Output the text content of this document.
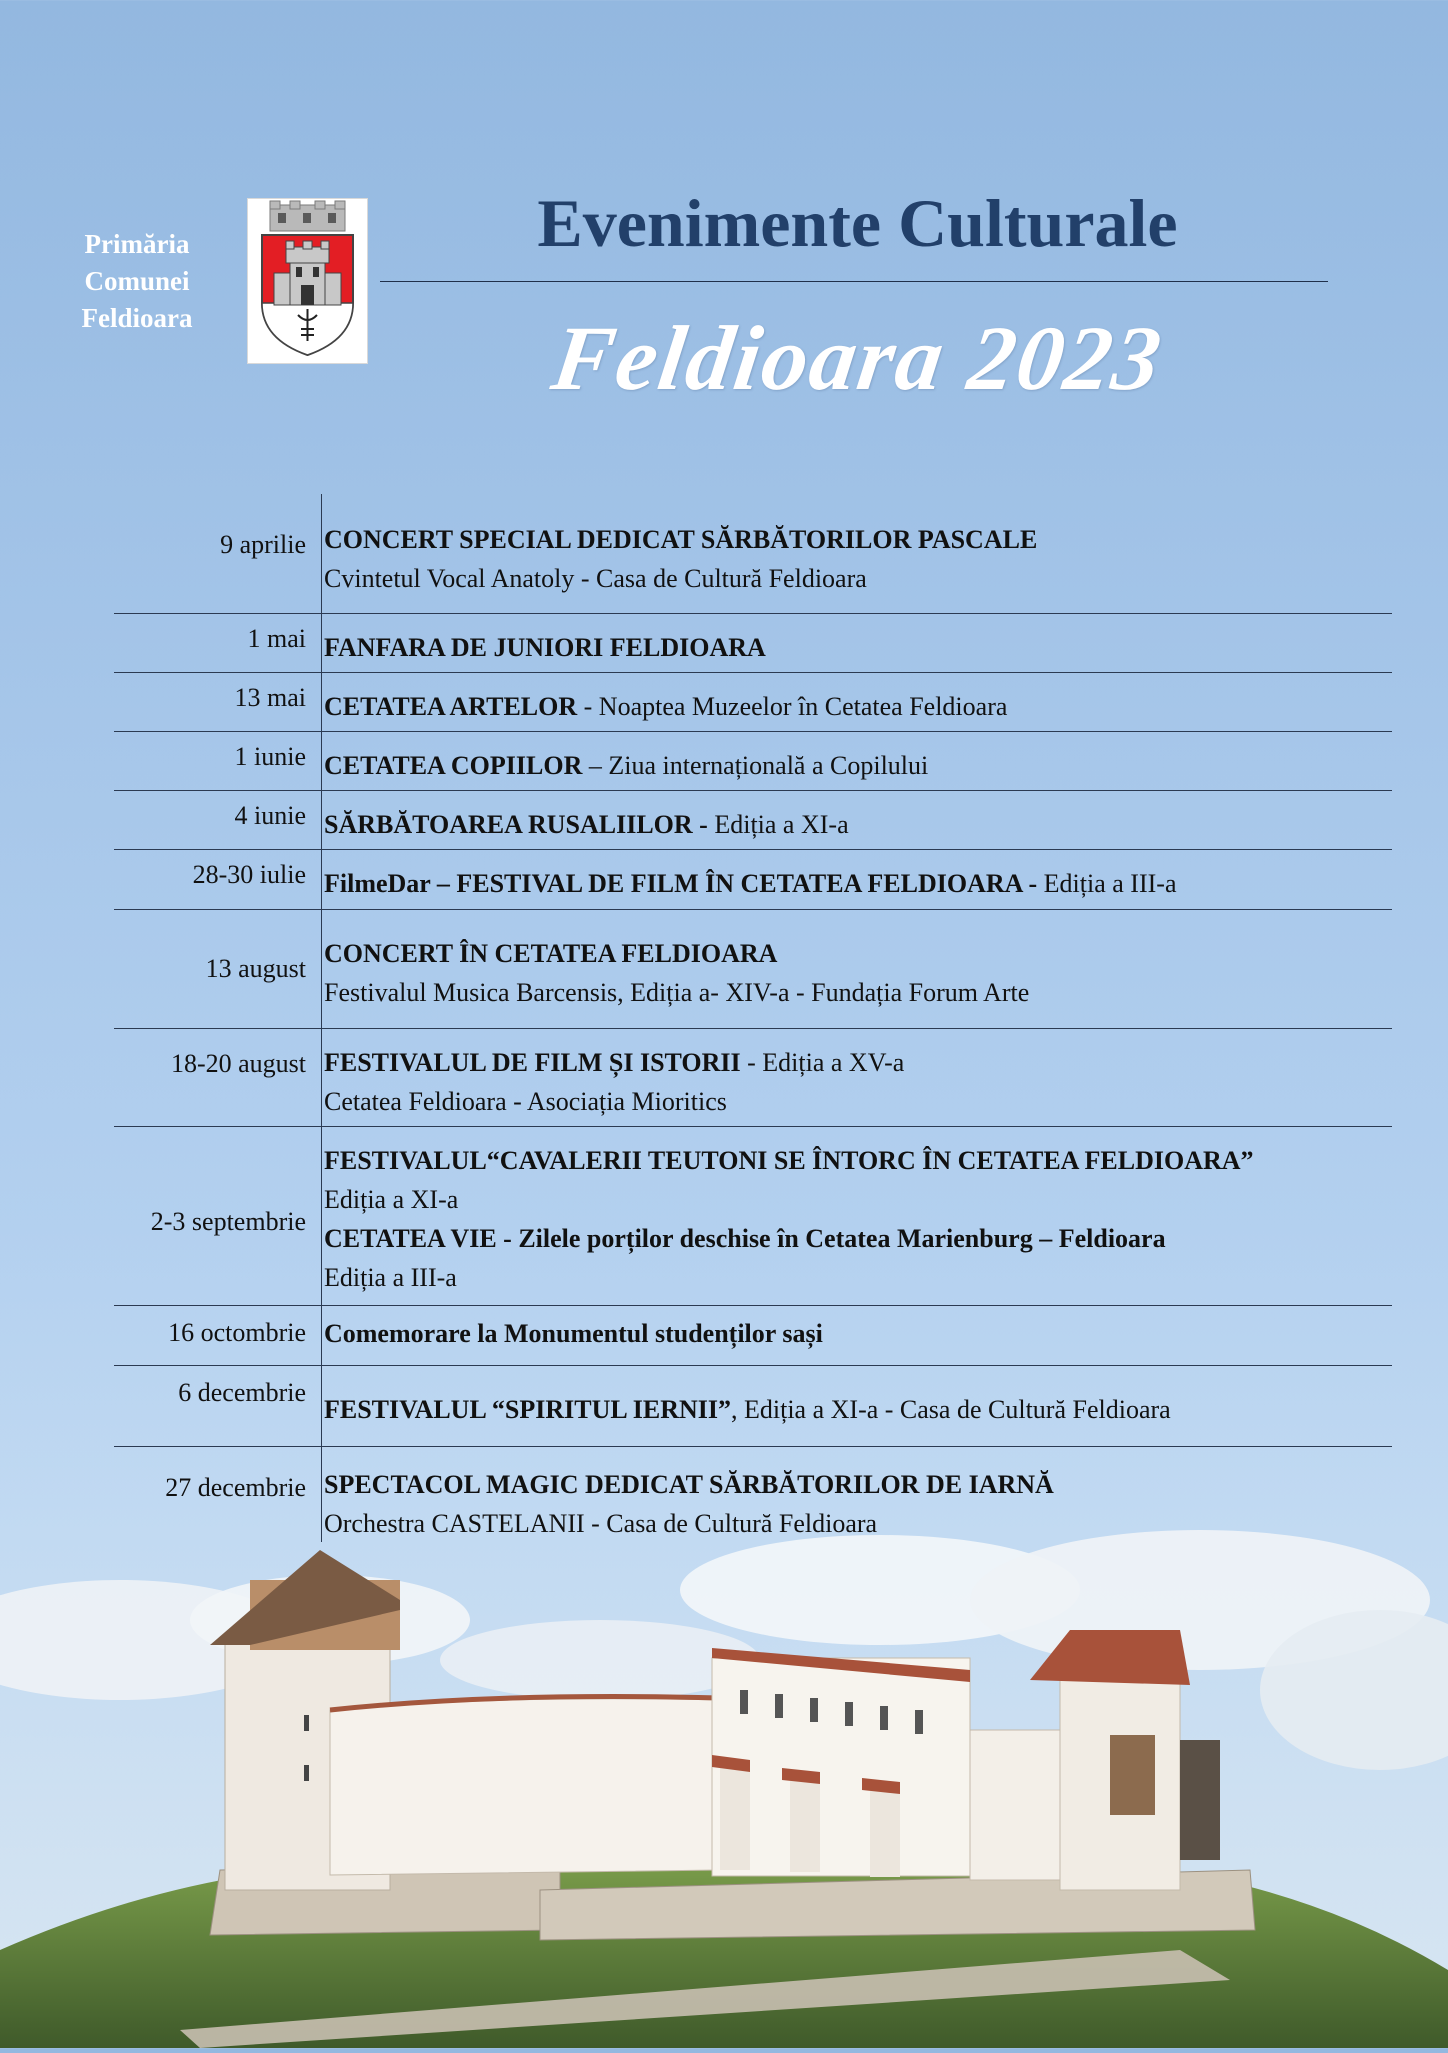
Primăria
Comunei
Feldioara
Evenimente Culturale
Feldioara 2023
9 aprilie CONCERT SPECIAL DEDICAT SĂRBĂTORILOR PASCALE
Cvintetul Vocal Anatoly - Casa de Cultură Feldioara
1 mai FANFARA DE JUNIORI FELDIOARA
13 mai CETATEA ARTELOR - Noaptea Muzeelor în Cetatea Feldioara
1 iunie CETATEA COPIILOR – Ziua internațională a Copilului
4 iunie SĂRBĂTOAREA RUSALIILOR - Ediția a XI-a
28-30 iulie FilmeDar – FESTIVAL DE FILM ÎN CETATEA FELDIOARA - Ediția a III-a
13 august
CONCERT ÎN CETATEA FELDIOARA
Festivalul Musica Barcensis, Ediția a- XIV-a - Fundația Forum Arte
18-20 august FESTIVALUL DE FILM ȘI ISTORII - Ediția a XV-a
Cetatea Feldioara - Asociația Mioritics
2-3 septembrie
FESTIVALUL“CAVALERII TEUTONI SE ÎNTORC ÎN CETATEA FELDIOARA”
Ediția a XI-a
CETATEA VIE - Zilele porților deschise în Cetatea Marienburg – Feldioara
Ediția a III-a
16 octombrie Comemorare la Monumentul studenților sași
6 decembrie
FESTIVALUL “SPIRITUL IERNII”, Ediția a XI-a - Casa de Cultură Feldioara
27 decembrie SPECTACOL MAGIC DEDICAT SĂRBĂTORILOR DE IARNĂ
Orchestra CASTELANII - Casa de Cultură Feldioara
